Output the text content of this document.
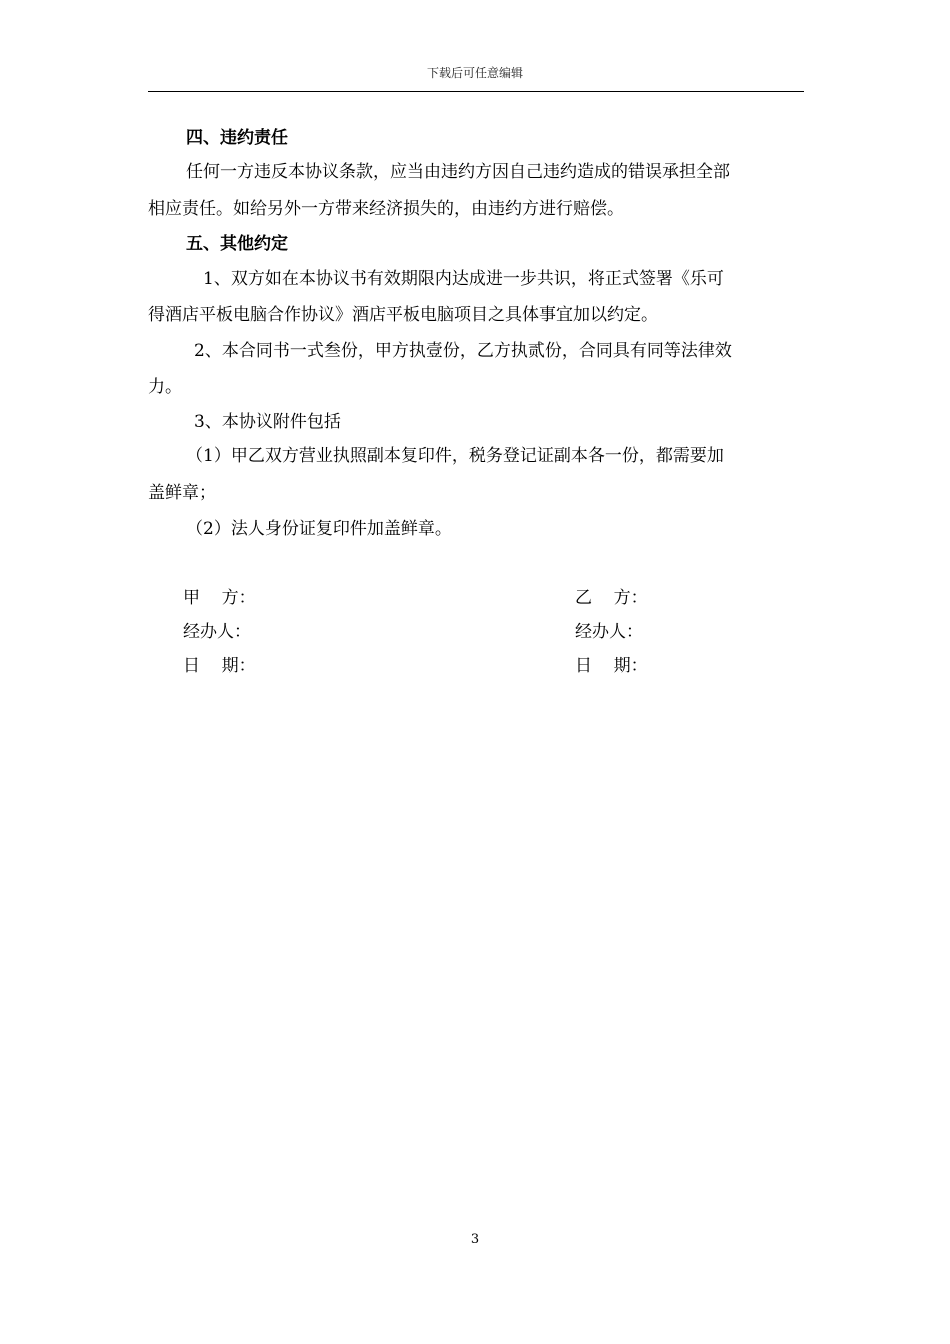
下载后可任意编辑
四、违约责任
任何一方违反本协议条款，应当由违约方因自己违约造成的错误承担全部
相应责任。如给另外一方带来经济损失的，由违约方进行赔偿。
五、其他约定
1、双方如在本协议书有效期限内达成进一步共识，将正式签署《乐可
得酒店平板电脑合作协议》酒店平板电脑项目之具体事宜加以约定。
2、本合同书一式叁份，甲方执壹份，乙方执贰份，合同具有同等法律效
力。
3、本协议附件包括
（1）甲乙双方营业执照副本复印件，税务登记证副本各一份，都需要加
盖鲜章；
（2）法人身份证复印件加盖鲜章。
甲    方：
经办人：
日    期：
乙    方：
经办人：
日    期：
3
